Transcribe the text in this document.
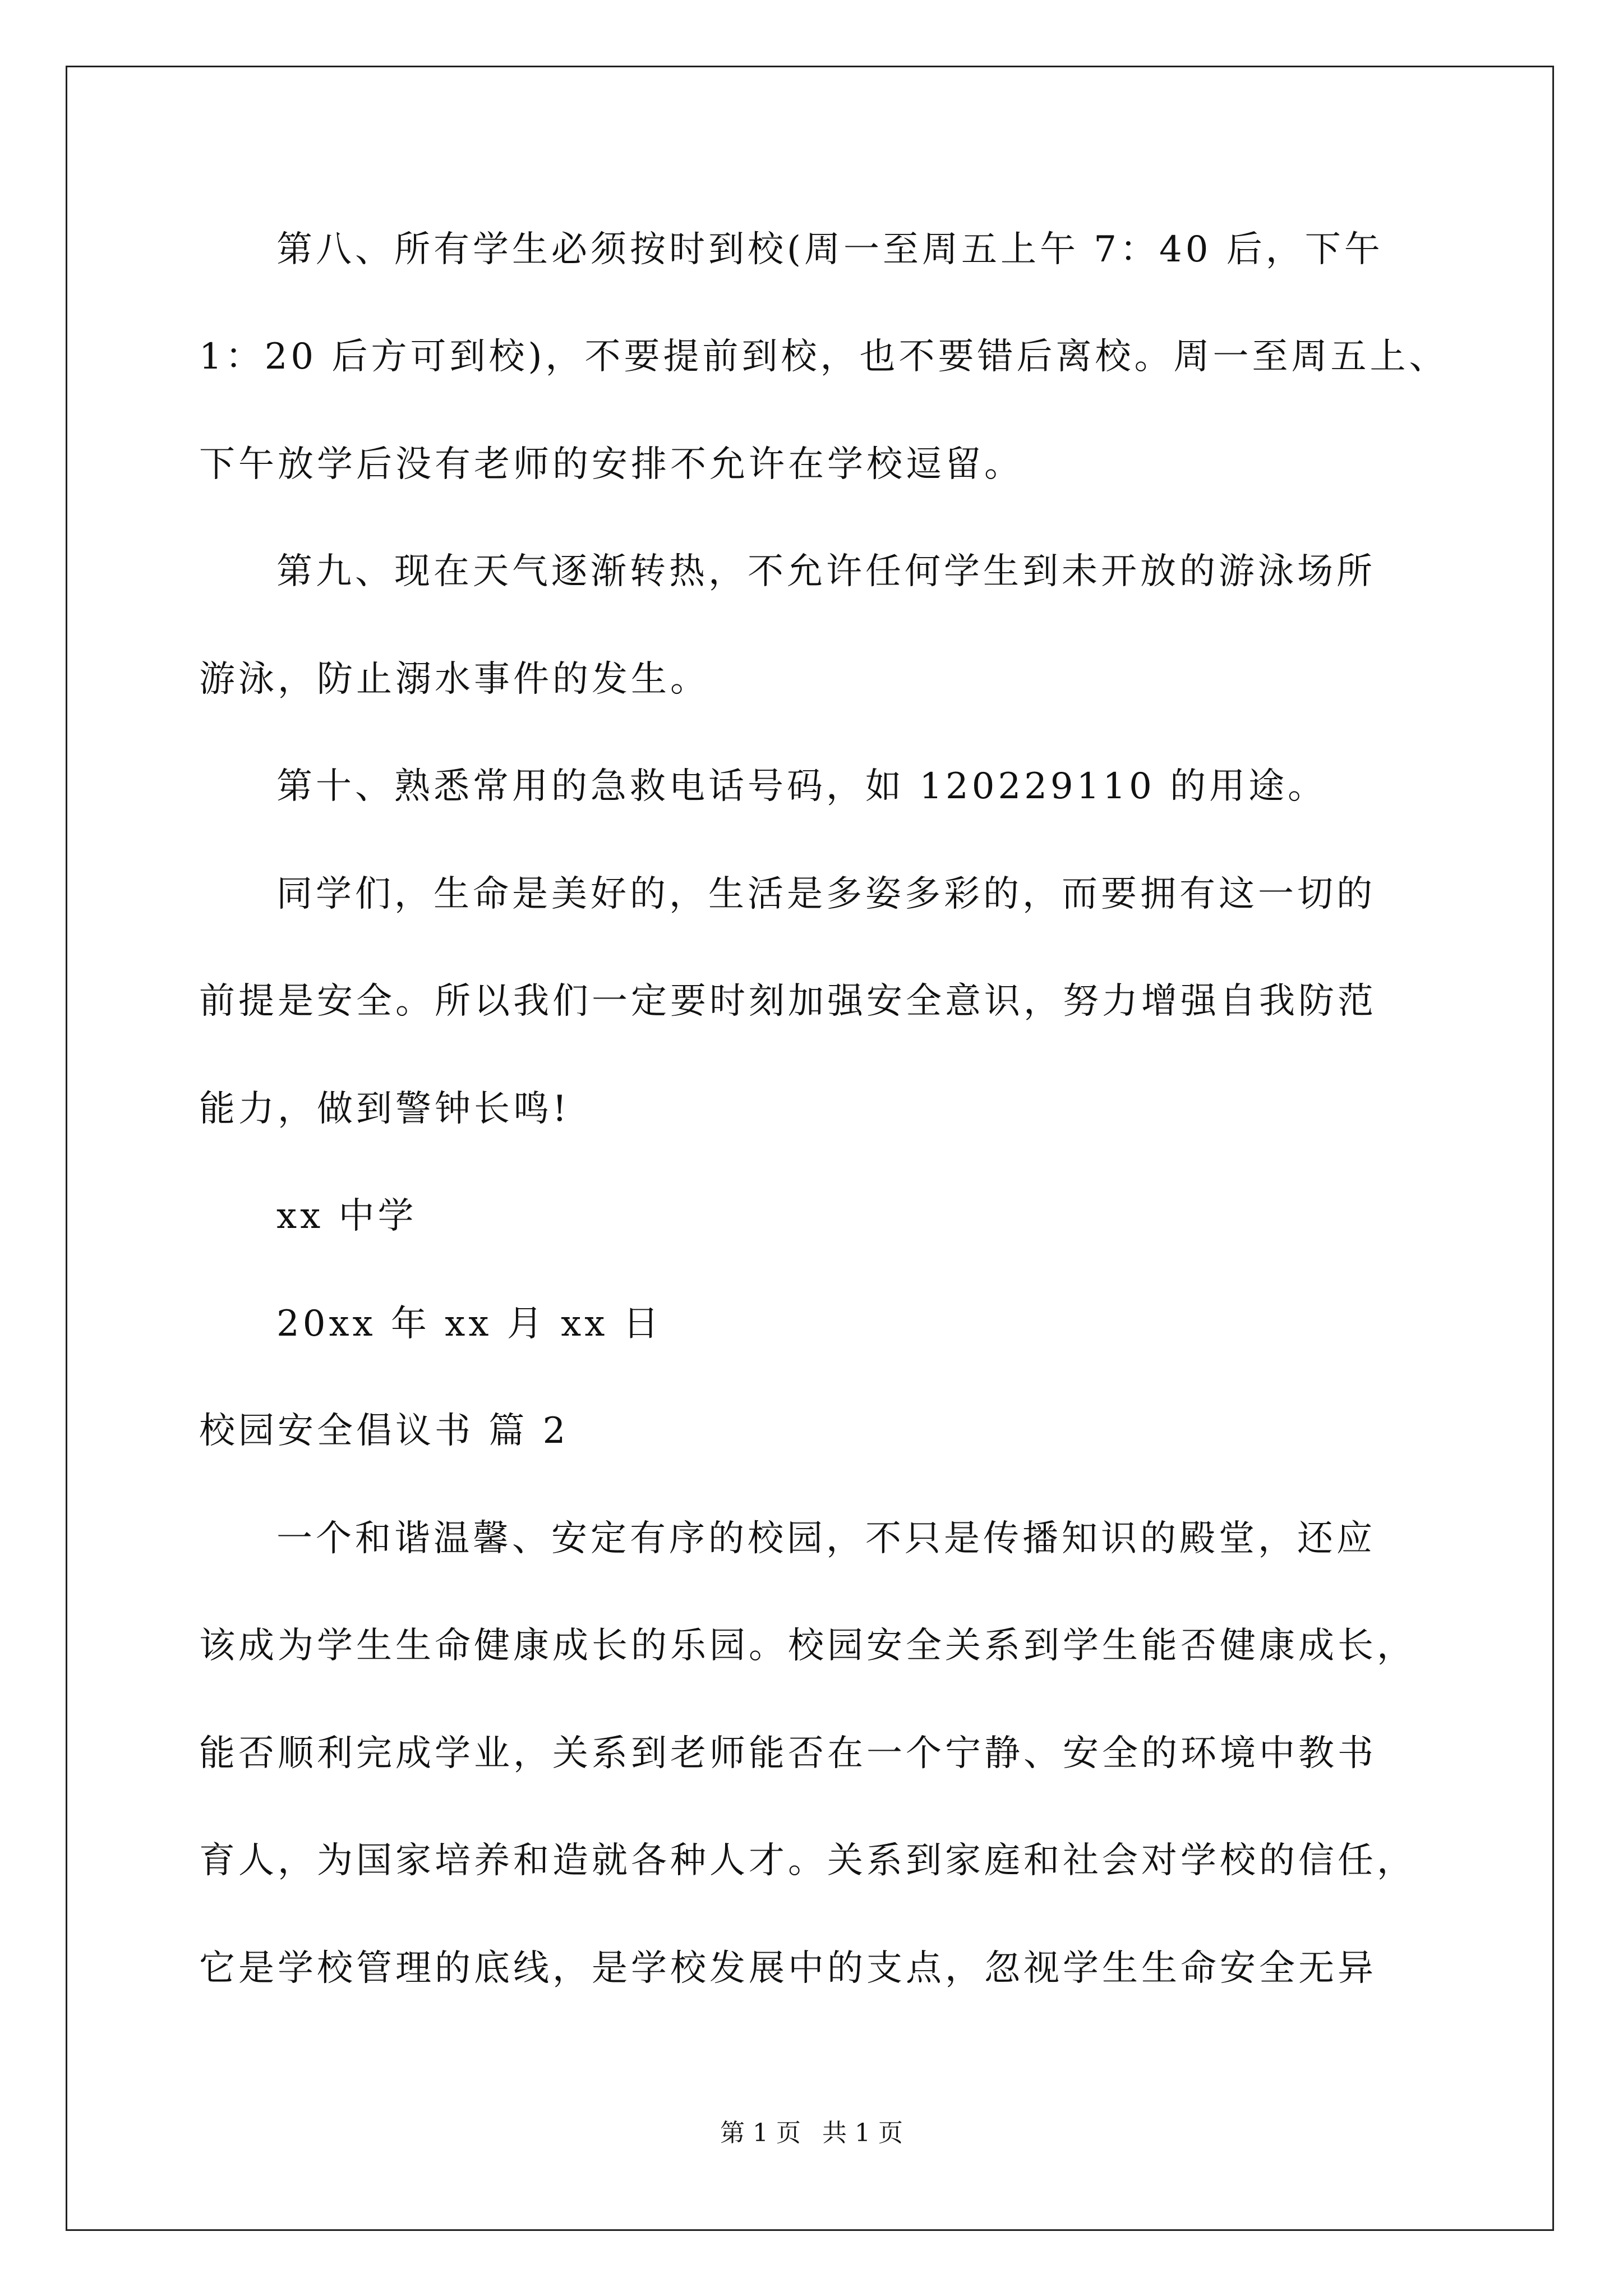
第八、所有学生必须按时到校(周一至周五上午 7：40 后，下午
1：20 后方可到校)，不要提前到校，也不要错后离校。周一至周五上、
下午放学后没有老师的安排不允许在学校逗留。
第九、现在天气逐渐转热，不允许任何学生到未开放的游泳场所
游泳，防止溺水事件的发生。
第十、熟悉常用的急救电话号码，如 120229110 的用途。
同学们，生命是美好的，生活是多姿多彩的，而要拥有这一切的
前提是安全。所以我们一定要时刻加强安全意识，努力增强自我防范
能力，做到警钟长鸣!
xx 中学
20xx 年 xx 月 xx 日
校园安全倡议书 篇 2
一个和谐温馨、安定有序的校园，不只是传播知识的殿堂，还应
该成为学生生命健康成长的乐园。校园安全关系到学生能否健康成长，
能否顺利完成学业，关系到老师能否在一个宁静、安全的环境中教书
育人，为国家培养和造就各种人才。关系到家庭和社会对学校的信任，
它是学校管理的底线，是学校发展中的支点，忽视学生生命安全无异
第 1 页 共 1 页
